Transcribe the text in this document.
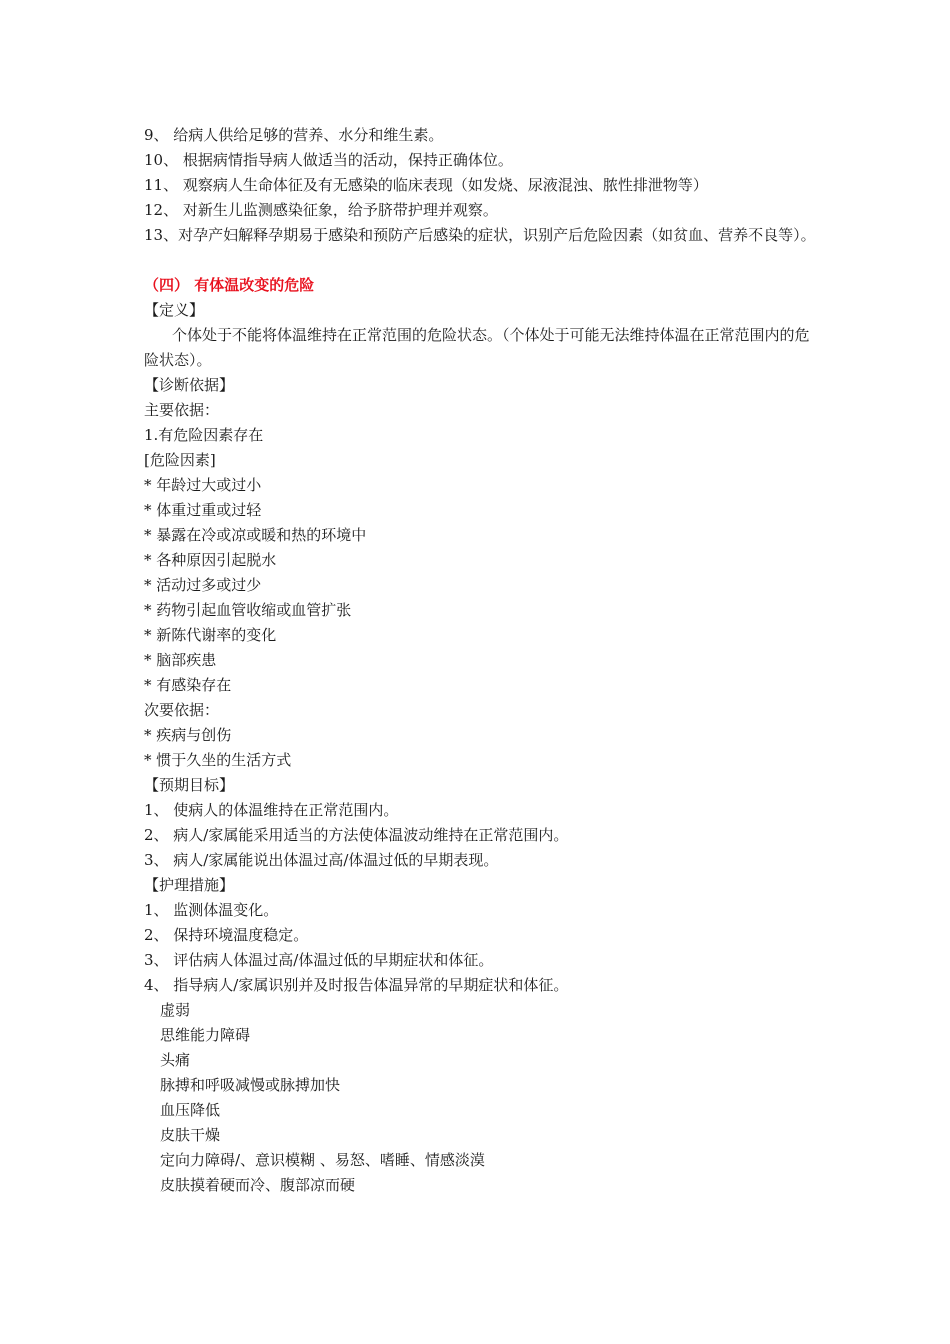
9、 给病人供给足够的营养、水分和维生素。
10、 根据病情指导病人做适当的活动，保持正确体位。
11、 观察病人生命体征及有无感染的临床表现（如发烧、尿液混浊、脓性排泄物等）
12、 对新生儿监测感染征象，给予脐带护理并观察。
13、对孕产妇解释孕期易于感染和预防产后感染的症状，识别产后危险因素（如贫血、营养不良等）。
（四） 有体温改变的危险
【定义】
个体处于不能将体温维持在正常范围的危险状态。（个体处于可能无法维持体温在正常范围内的危险状态）。
【诊断依据】
主要依据：
1.有危险因素存在
[危险因素]
* 年龄过大或过小
* 体重过重或过轻
* 暴露在冷或凉或暖和热的环境中
* 各种原因引起脱水
* 活动过多或过少
* 药物引起血管收缩或血管扩张
* 新陈代谢率的变化
* 脑部疾患
* 有感染存在
次要依据：
* 疾病与创伤
* 惯于久坐的生活方式
【预期目标】
1、 使病人的体温维持在正常范围内。
2、 病人/家属能采用适当的方法使体温波动维持在正常范围内。
3、 病人/家属能说出体温过高/体温过低的早期表现。
【护理措施】
1、 监测体温变化。
2、 保持环境温度稳定。
3、 评估病人体温过高/体温过低的早期症状和体征。
4、 指导病人/家属识别并及时报告体温异常的早期症状和体征。
虚弱
思维能力障碍
头痛
脉搏和呼吸减慢或脉搏加快
血压降低
皮肤干燥
定向力障碍/、意识模糊 、易怒、嗜睡、情感淡漠
皮肤摸着硬而冷、腹部凉而硬
